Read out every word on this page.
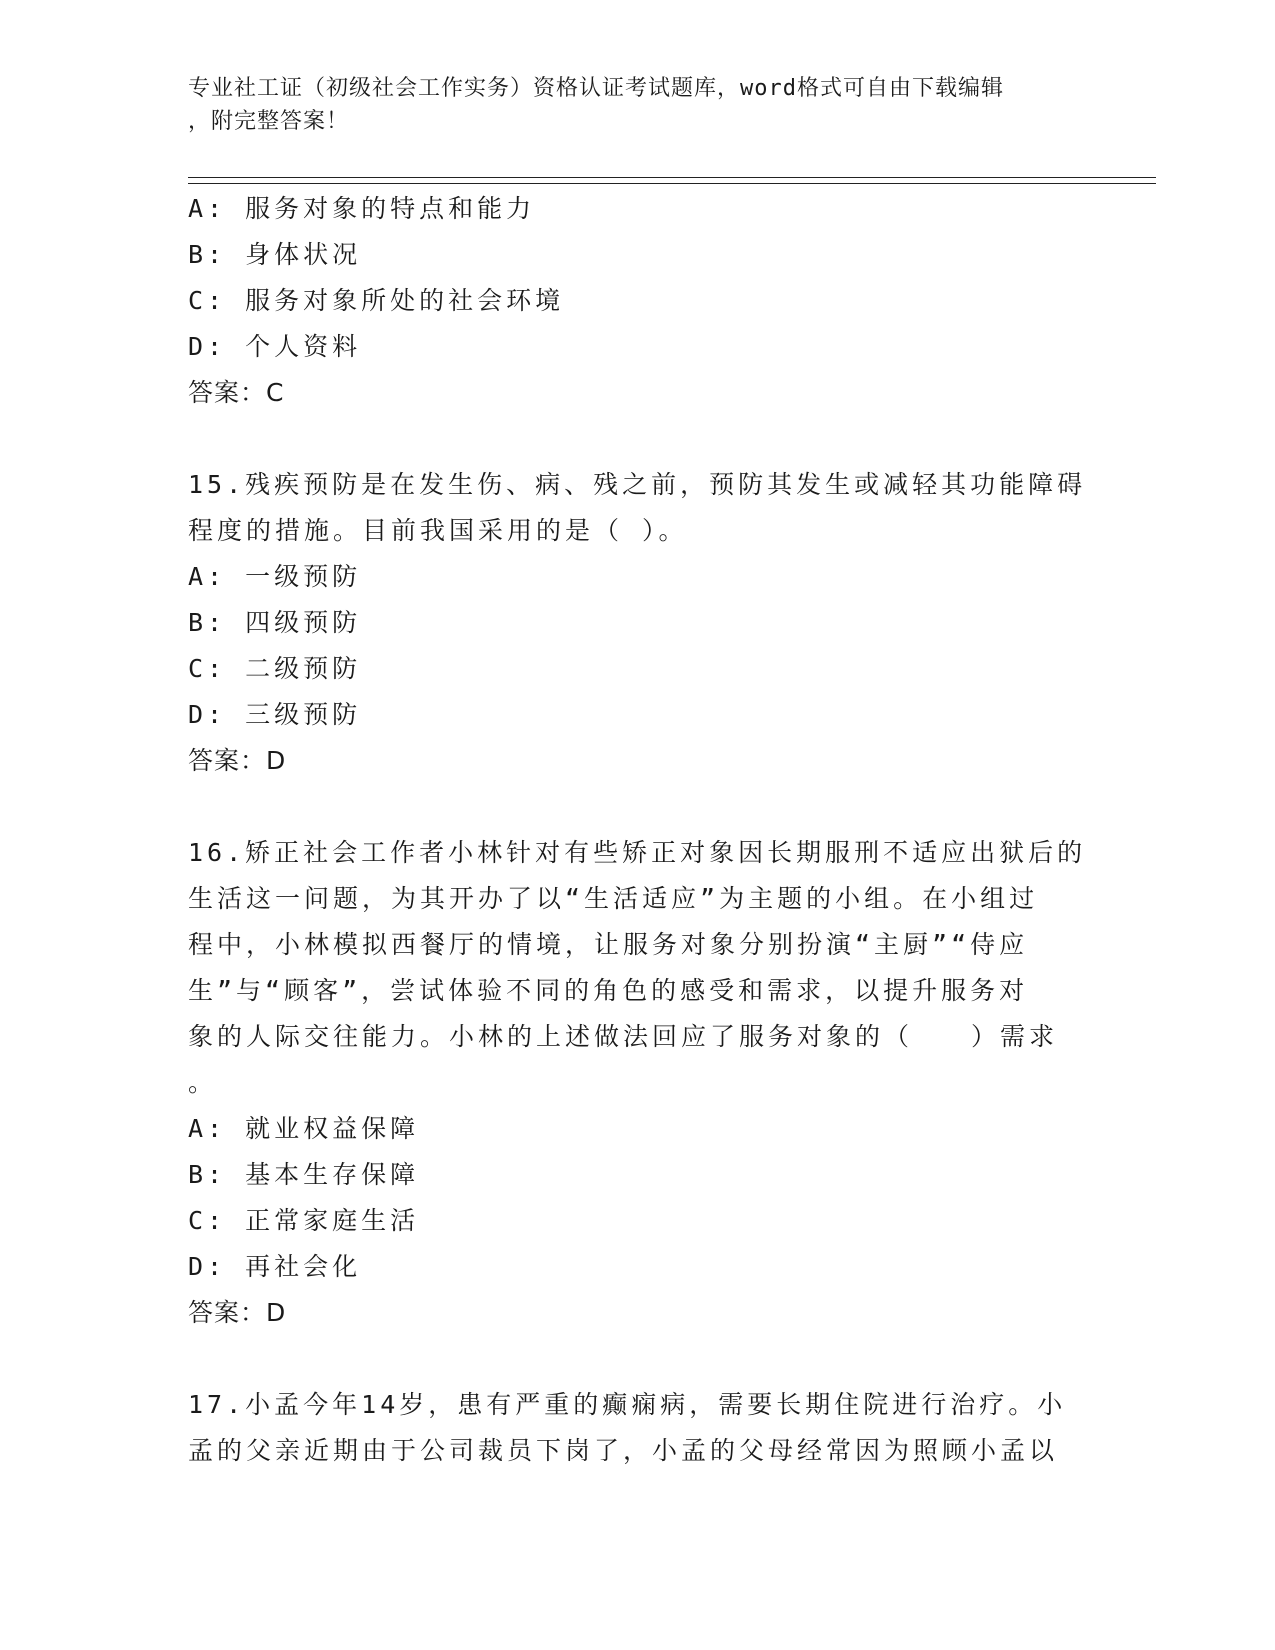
专业社工证（初级社会工作实务）资格认证考试题库，word格式可自由下载编辑
，附完整答案！
A: 服务对象的特点和能力
B: 身体状况
C: 服务对象所处的社会环境
D: 个人资料
答案：C
15.残疾预防是在发生伤、病、残之前，预防其发生或减轻其功能障碍
程度的措施。目前我国采用的是（ ）。
A: 一级预防
B: 四级预防
C: 二级预防
D: 三级预防
答案：D
16.矫正社会工作者小林针对有些矫正对象因长期服刑不适应出狱后的
生活这一问题，为其开办了以“生活适应”为主题的小组。在小组过
程中，小林模拟西餐厅的情境，让服务对象分别扮演“主厨”“侍应
生”与“顾客”，尝试体验不同的角色的感受和需求，以提升服务对
象的人际交往能力。小林的上述做法回应了服务对象的（　　）需求
。
A: 就业权益保障
B: 基本生存保障
C: 正常家庭生活
D: 再社会化
答案：D
17.小孟今年14岁，患有严重的癫痫病，需要长期住院进行治疗。小
孟的父亲近期由于公司裁员下岗了，小孟的父母经常因为照顾小孟以
